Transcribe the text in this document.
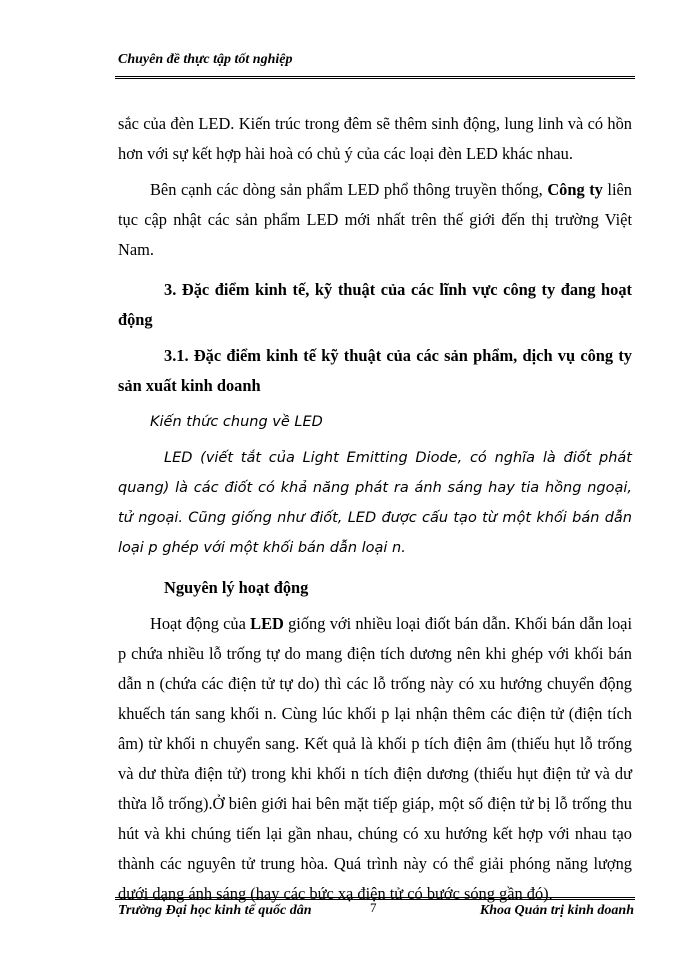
Chuyên đề thực tập tốt nghiệp

sắc của đèn LED. Kiến trúc trong đêm sẽ thêm sinh động, lung linh và có hồn hơn với sự kết hợp hài hoà có chủ ý của các loại đèn LED khác nhau.

Bên cạnh các dòng sản phẩm LED phổ thông truyền thống, Công ty liên tục cập nhật các sản phẩm LED mới nhất trên thế giới đến thị trường Việt Nam.

3. Đặc điểm kinh tế, kỹ thuật của các lĩnh vực công ty đang hoạt động

3.1. Đặc điểm kinh tế kỹ thuật của các sản phẩm, dịch vụ công ty sản xuất kinh doanh

Kiến thức chung về LED

LED (viết tắt của Light Emitting Diode, có nghĩa là điốt phát quang) là các điốt có khả năng phát ra ánh sáng hay tia hồng ngoại, tử ngoại. Cũng giống như điốt, LED được cấu tạo từ một khối bán dẫn loại p ghép với một khối bán dẫn loại n.

Nguyên lý hoạt động

Hoạt động của LED giống với nhiều loại điốt bán dẫn. Khối bán dẫn loại p chứa nhiều lỗ trống tự do mang điện tích dương nên khi ghép với khối bán dẫn n (chứa các điện tử tự do) thì các lỗ trống này có xu hướng chuyển động khuếch tán sang khối n. Cùng lúc khối p lại nhận thêm các điện tử (điện tích âm) từ khối n chuyển sang. Kết quả là khối p tích điện âm (thiếu hụt lỗ trống và dư thừa điện tử) trong khi khối n tích điện dương (thiếu hụt điện tử và dư thừa lỗ trống).Ở biên giới hai bên mặt tiếp giáp, một số điện tử bị lỗ trống thu hút và khi chúng tiến lại gần nhau, chúng có xu hướng kết hợp với nhau tạo thành các nguyên tử trung hòa. Quá trình này có thể giải phóng năng lượng dưới dạng ánh sáng (hay các bức xạ điện tử có bước sóng gần đó).

Trường Đại học kinh tế quốc dân	7	Khoa Quản trị kinh doanh
